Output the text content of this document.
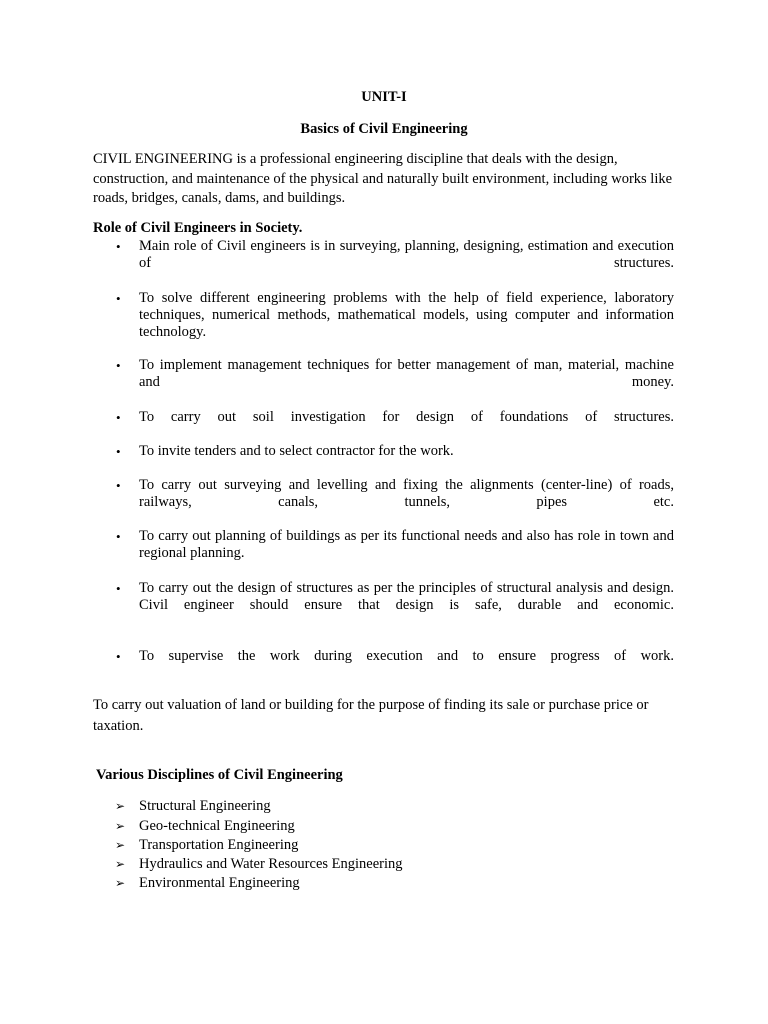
UNIT-I

Basics of Civil Engineering

CIVIL ENGINEERING is a professional engineering discipline that deals with the design, construction, and maintenance of the physical and naturally built environment, including works like roads, bridges, canals, dams, and buildings.

Role of Civil Engineers in Society.

• Main role of Civil engineers is in surveying, planning, designing, estimation and execution of structures.
• To solve different engineering problems with the help of field experience, laboratory techniques, numerical methods, mathematical models, using computer and information technology.
• To implement management techniques for better management of man, material, machine and money.
• To carry out soil investigation for design of foundations of structures.
• To invite tenders and to select contractor for the work.
• To carry out surveying and levelling and fixing the alignments (center-line) of roads, railways, canals, tunnels, pipes etc.
• To carry out planning of buildings as per its functional needs and also has role in town and regional planning.
• To carry out the design of structures as per the principles of structural analysis and design. Civil engineer should ensure that design is safe, durable and economic.
• To supervise the work during execution and to ensure progress of work.

To carry out valuation of land or building for the purpose of finding its sale or purchase price or taxation.

Various Disciplines of Civil Engineering

➢ Structural Engineering
➢ Geo-technical Engineering
➢ Transportation Engineering
➢ Hydraulics and Water Resources Engineering
➢ Environmental Engineering
